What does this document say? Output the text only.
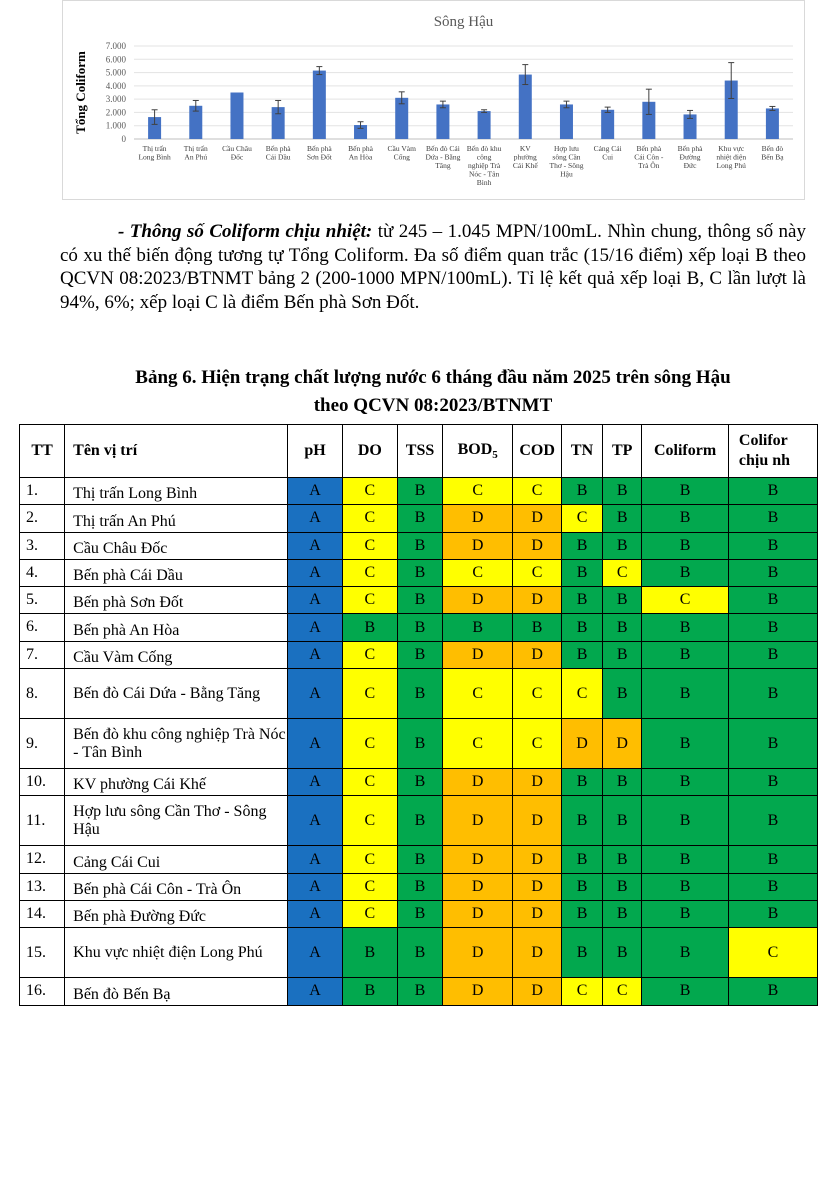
Sông Hậu
Tổng Coliform
0
1.000
2.000
3.000
4.000
5.000
6.000
7.000
Thị trấn Long Bình
Thị trấn An Phú
Cầu Châu Đốc
Bến phà Cái Dầu
Bến phà Sơn Đốt
Bến phà An Hòa
Cầu Vàm Cống
Bến đò Cái Dứa - Bằng Tăng
Bến đò khu công nghiệp Trà Nóc - Tân Bình
KV phường Cái Khế
Hợp lưu sông Cần Thơ - Sông Hậu
Cảng Cái Cui
Bến phà Cái Côn -Trà Ôn
Bến phà Đường Đức
Khu vực nhiệt điện Long Phú
Bến đò Bến Bạ

- Thông số Coliform chịu nhiệt: từ 245 – 1.045 MPN/100mL. Nhìn chung, thông số này có xu thế biến động tương tự Tổng Coliform. Đa số điểm quan trắc (15/16 điểm) xếp loại B theo QCVN 08:2023/BTNMT bảng 2 (200-1000 MPN/100mL). Tỉ lệ kết quả xếp loại B, C lần lượt là 94%, 6%; xếp loại C là điểm Bến phà Sơn Đốt.

Bảng 6. Hiện trạng chất lượng nước 6 tháng đầu năm 2025 trên sông Hậu
theo QCVN 08:2023/BTNMT
TT	Tên vị trí	pH	DO	TSS	$BOD_5$	COD	TN	TP	Coliform	Colifor
chịu nh

1.	Thị trấn Long Bình	A	C	B	C	C	B	B	B	B
2.	Thị trấn An Phú	A	C	B	D	D	C	B	B	B
3.	Cầu Châu Đốc	A	C	B	D	D	B	B	B	B
4.	Bến phà Cái Dầu	A	C	B	C	C	B	C	B	B
5.	Bến phà Sơn Đốt	A	C	B	D	D	B	B	C	B
6.	Bến phà An Hòa	A	B	B	B	B	B	B	B	B
7.	Cầu Vàm Cống	A	C	B	D	D	B	B	B	B
8.	Bến đò Cái Dứa - Bằng Tăng	A	C	B	C	C	C	B	B	B
9.	Bến đò khu công nghiệp Trà Nóc - Tân Bình	A	C	B	C	C	D	D	B	B
10.	KV phường Cái Khế	A	C	B	D	D	B	B	B	B
11.	Hợp lưu sông Cần Thơ - Sông Hậu	A	C	B	D	D	B	B	B	B
12.	Cảng Cái Cui	A	C	B	D	D	B	B	B	B
13.	Bến phà Cái Côn - Trà Ôn	A	C	B	D	D	B	B	B	B
14.	Bến phà Đường Đức	A	C	B	D	D	B	B	B	B
15.	Khu vực nhiệt điện Long Phú	A	B	B	D	D	B	B	B	C
16.	Bến đò Bến Bạ	A	B	B	D	D	C	C	B	B
